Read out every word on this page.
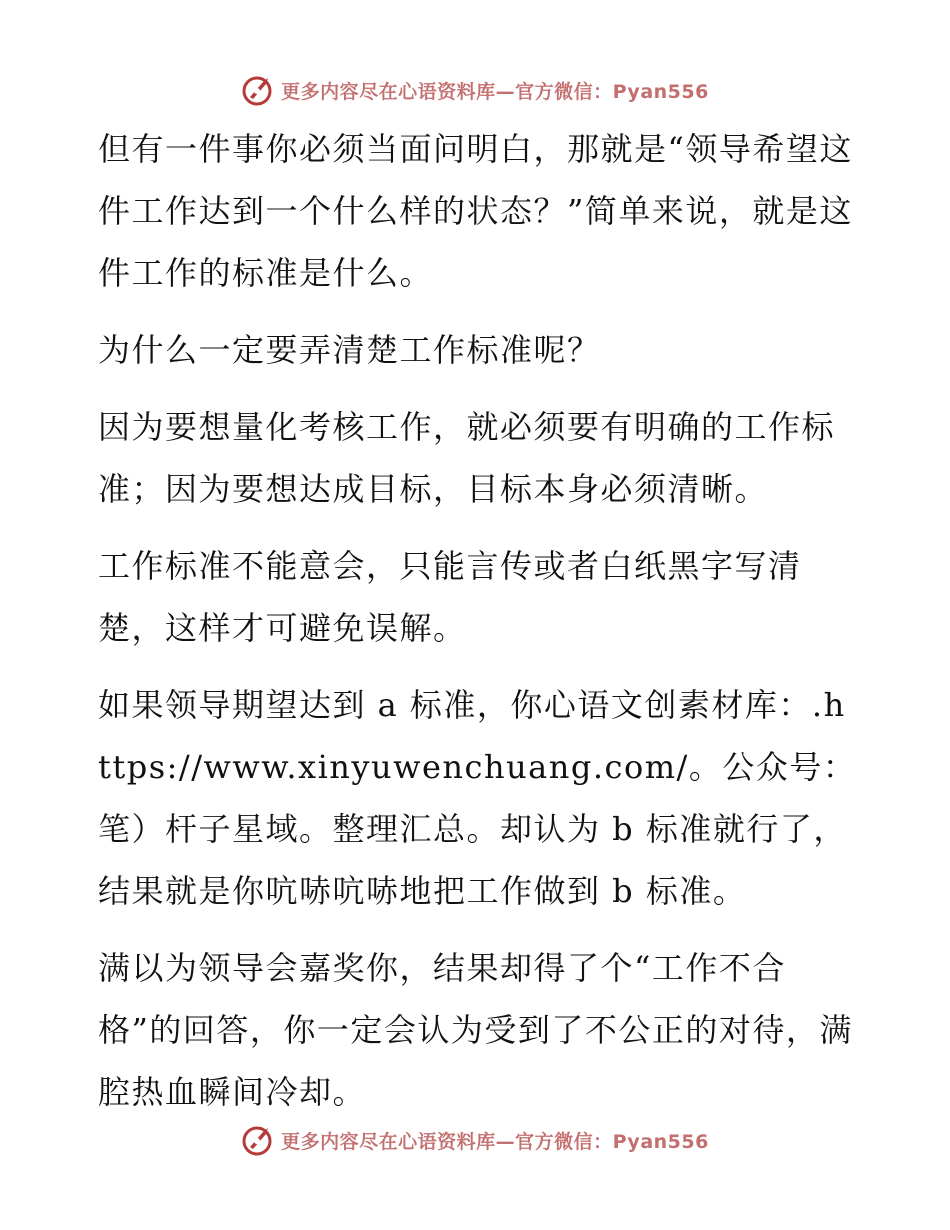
更多内容尽在心语资料库—官方微信：Pyan556

但有一件事你必须当面问明白，那就是“领导希望这件工作达到一个什么样的状态？”简单来说，就是这件工作的标准是什么。

为什么一定要弄清楚工作标准呢？

因为要想量化考核工作，就必须要有明确的工作标准；因为要想达成目标，目标本身必须清晰。

工作标准不能意会，只能言传或者白纸黑字写清楚，这样才可避免误解。

如果领导期望达到 a 标准，你心语文创素材库：.https://www.xinyuwenchuang.com/。公众号：笔）杆子星域。整理汇总。却认为 b 标准就行了，结果就是你吭哧吭哧地把工作做到 b 标准。

满以为领导会嘉奖你，结果却得了个“工作不合格”的回答，你一定会认为受到了不公正的对待，满腔热血瞬间冷却。

更多内容尽在心语资料库—官方微信：Pyan556
